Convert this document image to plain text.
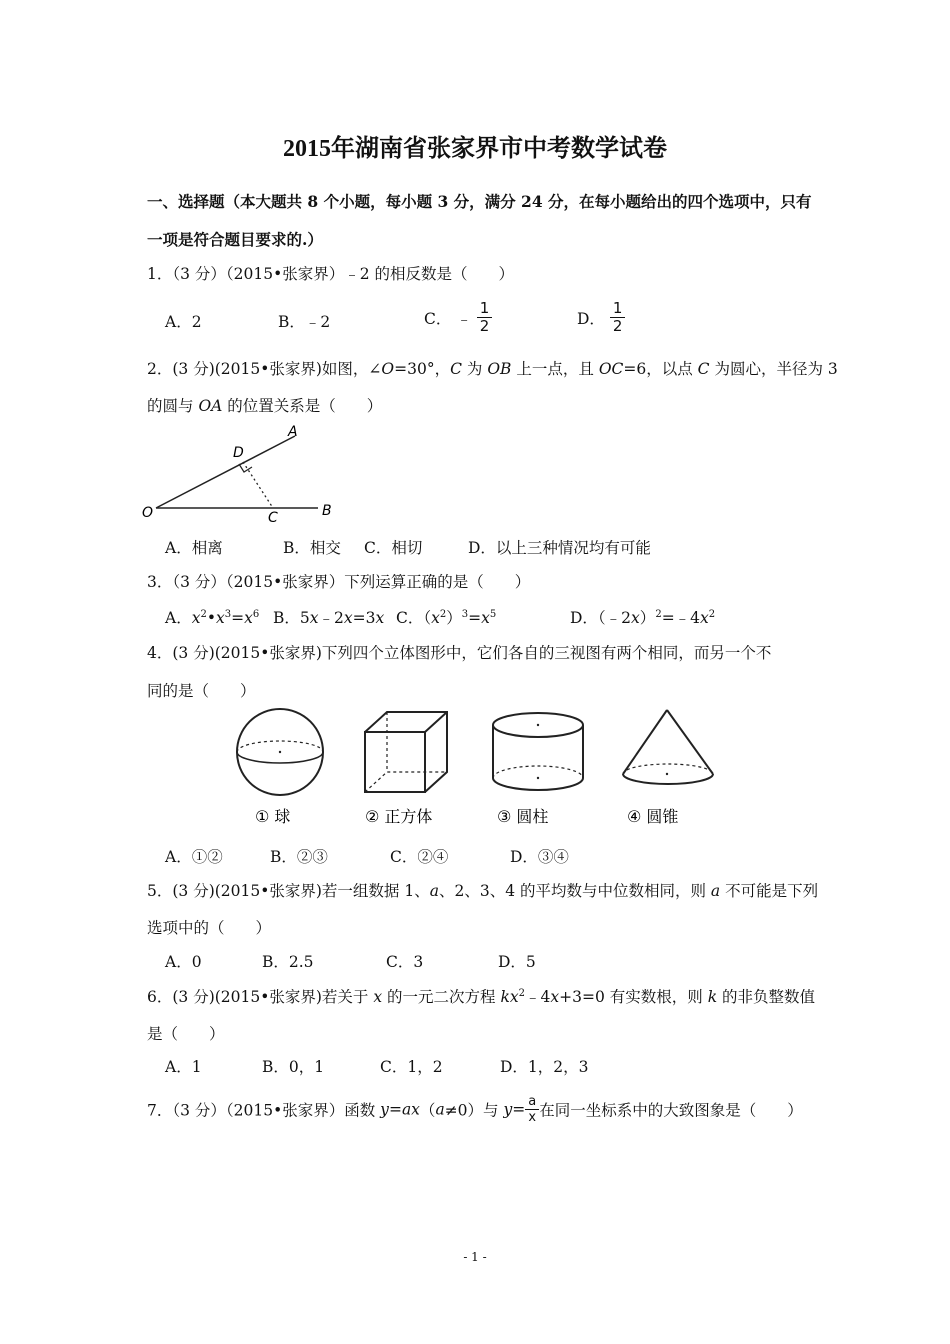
2015年湖南省张家界市中考数学试卷
一、选择题（本大题共 8 个小题，每小题 3 分，满分 24 分，在每小题给出的四个选项中，只有
一项是符合题目要求的.）
1．（3 分）（2015•张家界）﹣2 的相反数是（　　）
A．2	B．﹣2	C． ﹣ $\frac{1}{2}$	D． $\frac{1}{2}$
2．(3 分)(2015•张家界)如图，∠O=30°，C 为 OB 上一点，且 OC=6，以点 C 为圆心，半径为 3
的圆与 OA 的位置关系是（　　）
O
A
D
C	B
A．相离	B．相交 C．相切	D．以上三种情况均有可能
3．（3 分）（2015•张家界）下列运算正确的是（　　）
A．$x^2•x^3=x^6$ B．5x﹣2x=3x C．$(x^2)^3=x^5$	D．$(﹣2x)^2=﹣4x^2$
4．(3 分)(2015•张家界)下列四个立体图形中，它们各自的三视图有两个相同，而另一个不
同的是（　　）
① 球	② 正方体	③ 圆柱	④ 圆锥
A．①②	B．②③	C．②④	D．③④
5．(3 分)(2015•张家界)若一组数据 1、a、2、3、4 的平均数与中位数相同，则 a 不可能是下列
选项中的（　　）
A．0	B．2.5	C．3	D．5
6．(3 分)(2015•张家界)若关于 x 的一元二次方程 $kx^2﹣4x+3=0$ 有实数根，则 k 的非负整数值
是（　　）
A．1	B．0，1	C．1，2	D．1，2，3
7．（3 分）（2015•张家界）函数 y=ax（a≠0）与 $y= \frac{a}{x}$ 在同一坐标系中的大致图象是（　　）
- 1 -
